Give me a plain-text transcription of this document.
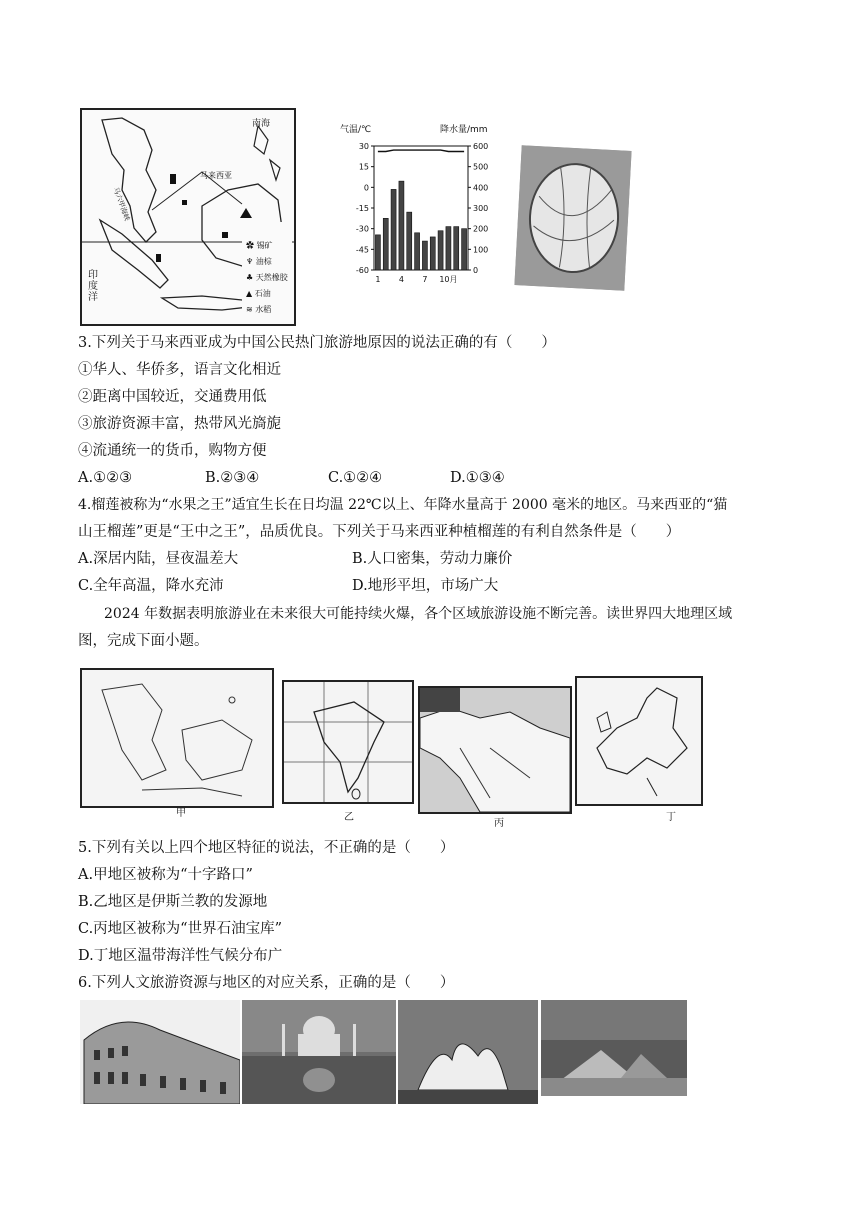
南海
马来西亚
马六甲海峡
印度洋
✿ 锡矿
♆ 油棕
♣ 天然橡胶
▲ 石油
≋ 水稻
气温/℃	降水量/mm
30
15
0
-15
-30
-45
-60
600
500
400
300
200
100
0
1 4 7 10月
3.下列关于马来西亚成为中国公民热门旅游地原因的说法正确的有（　　）
①华人、华侨多，语言文化相近
②距离中国较近，交通费用低
③旅游资源丰富，热带风光旖旎
④流通统一的货币，购物方便
A.①②③	B.②③④	C.①②④	D.①③④
4.榴莲被称为“水果之王”适宜生长在日均温 22℃以上、年降水量高于 2000 毫米的地区。马来西亚的“猫
山王榴莲”更是“王中之王”，品质优良。下列关于马来西亚种植榴莲的有利自然条件是（　　）
A.深居内陆，昼夜温差大	B.人口密集，劳动力廉价
C.全年高温，降水充沛	D.地形平坦，市场广大
2024 年数据表明旅游业在未来很大可能持续火爆，各个区域旅游设施不断完善。读世界四大地理区域
图，完成下面小题。
甲	乙
丙
丁
5.下列有关以上四个地区特征的说法，不正确的是（　　）
A.甲地区被称为“十字路口”
B.乙地区是伊斯兰教的发源地
C.丙地区被称为“世界石油宝库”
D.丁地区温带海洋性气候分布广
6.下列人文旅游资源与地区的对应关系，正确的是（　　）
